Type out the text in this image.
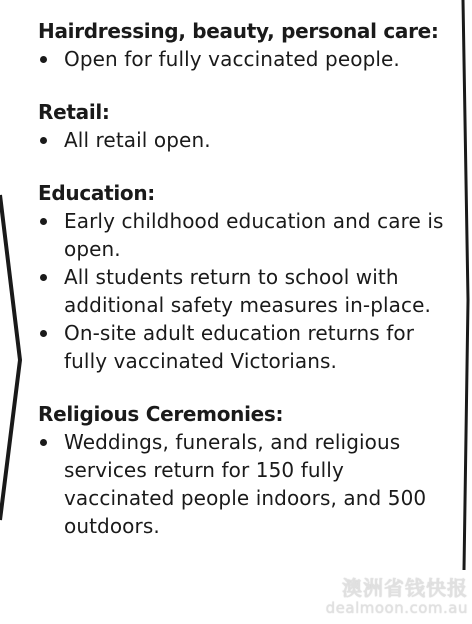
Hairdressing, beauty, personal care:

Open for fully vaccinated people.

Retail:

All retail open.

Education:

Early childhood education and care is open.
All students return to school with additional safety measures in-place.
On-site adult education returns for fully vaccinated Victorians.

Religious Ceremonies:

Weddings, funerals, and religious services return for 150 fully vaccinated people indoors, and 500 outdoors.
澳洲省钱快报
dealmoon.com.au
